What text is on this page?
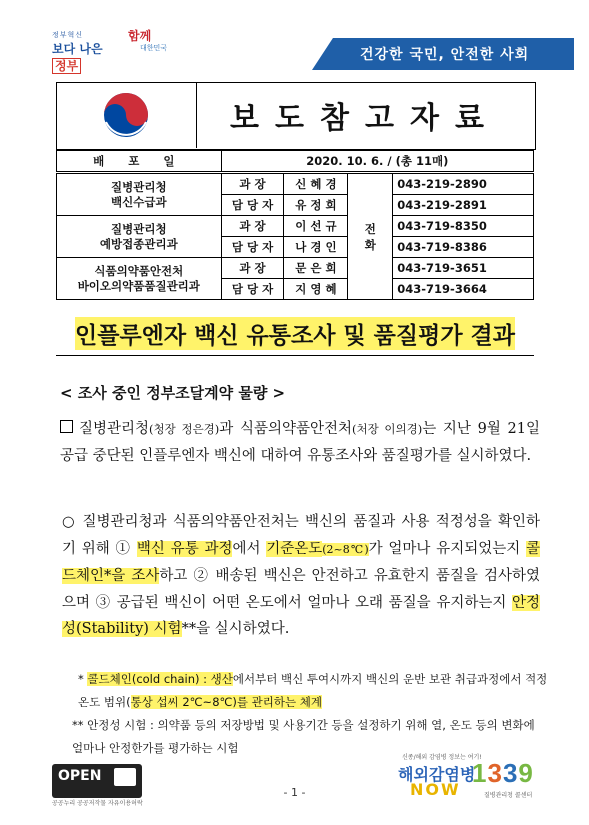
정부혁신
보다 나은 정부
함께
대한민국	건강한 국민, 안전한 사회
보도참고자료
배 포 일	2020. 10. 6. / (총 11매)			

질병관리청
백신수급과	과 장	신 혜 경	전 화	043-219-2890
	담 당 자	유 정 희		043-219-2891

질병관리청
예방접종관리과	과 장	이 선 규		043-719-8350
	담 당 자	나 경 인		043-719-8386

식품의약품안전처
바이오의약품품질관리과	과 장	문 은 희		043-719-3651
	담 당 자	지 영 혜		043-719-3664
인플루엔자 백신 유통조사 및 품질평가 결과
< 조사 중인 정부조달계약 물량 >
질병관리청(청장 정은경)과 식품의약품안전처(처장 이의경)는 지난 9월 21일 공급 중단된 인플루엔자 백신에 대하여 유통조사와 품질평가를 실시하였다.
○ 질병관리청과 식품의약품안전처는 백신의 품질과 사용 적정성을 확인하기 위해 ① 백신 유통 과정에서 기준온도(2~8℃)가 얼마나 유지되었는지 콜드체인*을 조사하고 ② 배송된 백신은 안전하고 유효한지 품질을 검사하였으며 ③ 공급된 백신이 어떤 온도에서 얼마나 오래 품질을 유지하는지 안정성(Stability) 시험**을 실시하였다.
* 콜드체인(cold chain) : 생산에서부터 백신 투여시까지 백신의 운반 보관 취급과정에서 적정 온도 범위(통상 섭씨 2℃~8℃)를 관리하는 체계
** 안정성 시험 : 의약품 등의 저장방법 및 사용기간 등을 설정하기 위해 열, 온도 등의 변화에 얼마나 안정한가를 평가하는 시험
OPEN
공공누리 공공저작물 자유이용허락
- 1 -
신종/해외 감염병 정보는 여기!
해외감염병
NOW
1339
질병관리청 콜센터
